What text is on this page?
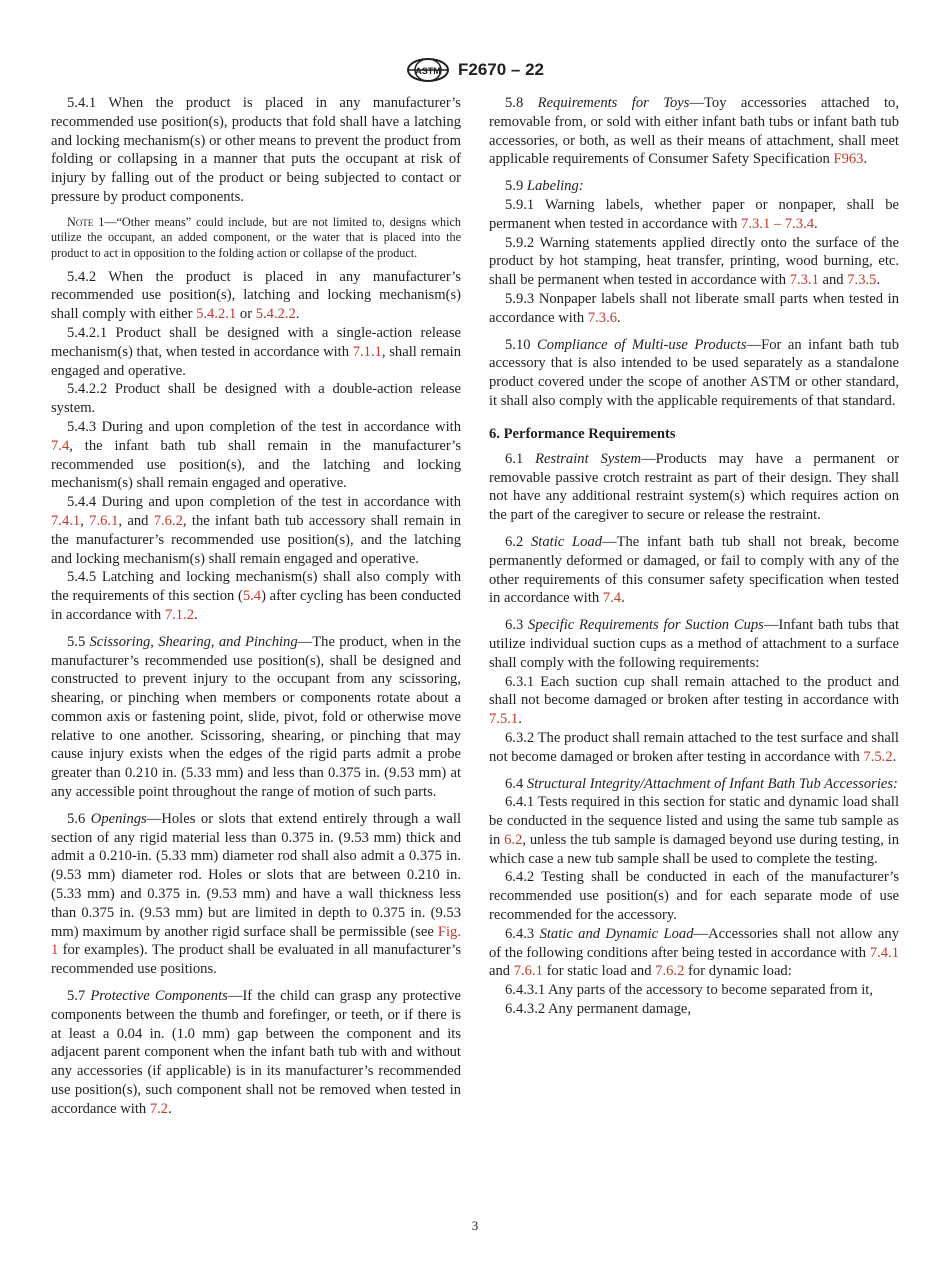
ASTM F2670 – 22

5.4.1 When the product is placed in any manufacturer’s recommended use position(s), products that fold shall have a latching and locking mechanism(s) or other means to prevent the product from folding or collapsing in a manner that puts the occupant at risk of injury by falling out of the product or being subjected to contact or pressure by product components.

Note 1—“Other means” could include, but are not limited to, designs which utilize the occupant, an added component, or the water that is placed into the product to act in opposition to the folding action or collapse of the product.

5.4.2 When the product is placed in any manufacturer’s recommended use position(s), latching and locking mechanism(s) shall comply with either 5.4.2.1 or 5.4.2.2.

5.4.2.1 Product shall be designed with a single-action release mechanism(s) that, when tested in accordance with 7.1.1, shall remain engaged and operative.

5.4.2.2 Product shall be designed with a double-action release system.

5.4.3 During and upon completion of the test in accordance with 7.4, the infant bath tub shall remain in the manufacturer’s recommended use position(s), and the latching and locking mechanism(s) shall remain engaged and operative.

5.4.4 During and upon completion of the test in accordance with 7.4.1, 7.6.1, and 7.6.2, the infant bath tub accessory shall remain in the manufacturer’s recommended use position(s), and the latching and locking mechanism(s) shall remain engaged and operative.

5.4.5 Latching and locking mechanism(s) shall also comply with the requirements of this section (5.4) after cycling has been conducted in accordance with 7.1.2.

5.5 Scissoring, Shearing, and Pinching—The product, when in the manufacturer’s recommended use position(s), shall be designed and constructed to prevent injury to the occupant from any scissoring, shearing, or pinching when members or components rotate about a common axis or fastening point, slide, pivot, fold or otherwise move relative to one another. Scissoring, shearing, or pinching that may cause injury exists when the edges of the rigid parts admit a probe greater than 0.210 in. (5.33 mm) and less than 0.375 in. (9.53 mm) at any accessible point throughout the range of motion of such parts.

5.6 Openings—Holes or slots that extend entirely through a wall section of any rigid material less than 0.375 in. (9.53 mm) thick and admit a 0.210-in. (5.33 mm) diameter rod shall also admit a 0.375 in. (9.53 mm) diameter rod. Holes or slots that are between 0.210 in. (5.33 mm) and 0.375 in. (9.53 mm) and have a wall thickness less than 0.375 in. (9.53 mm) but are limited in depth to 0.375 in. (9.53 mm) maximum by another rigid surface shall be permissible (see Fig. 1 for examples). The product shall be evaluated in all manufacturer’s recommended use positions.

5.7 Protective Components—If the child can grasp any protective components between the thumb and forefinger, or teeth, or if there is at least a 0.04 in. (1.0 mm) gap between the component and its adjacent parent component when the infant bath tub with and without any accessories (if applicable) is in its manufacturer’s recommended use position(s), such component shall not be removed when tested in accordance with 7.2.

5.8 Requirements for Toys—Toy accessories attached to, removable from, or sold with either infant bath tubs or infant bath tub accessories, or both, as well as their means of attachment, shall meet applicable requirements of Consumer Safety Specification F963.

5.9 Labeling:

5.9.1 Warning labels, whether paper or nonpaper, shall be permanent when tested in accordance with 7.3.1 – 7.3.4.

5.9.2 Warning statements applied directly onto the surface of the product by hot stamping, heat transfer, printing, wood burning, etc. shall be permanent when tested in accordance with 7.3.1 and 7.3.5.

5.9.3 Nonpaper labels shall not liberate small parts when tested in accordance with 7.3.6.

5.10 Compliance of Multi-use Products—For an infant bath tub accessory that is also intended to be used separately as a standalone product covered under the scope of another ASTM or other standard, it shall also comply with the applicable requirements of that standard.

6. Performance Requirements

6.1 Restraint System—Products may have a permanent or removable passive crotch restraint as part of their design. They shall not have any additional restraint system(s) which requires action on the part of the caregiver to secure or release the restraint.

6.2 Static Load—The infant bath tub shall not break, become permanently deformed or damaged, or fail to comply with any of the other requirements of this consumer safety specification when tested in accordance with 7.4.

6.3 Specific Requirements for Suction Cups—Infant bath tubs that utilize individual suction cups as a method of attachment to a surface shall comply with the following requirements:

6.3.1 Each suction cup shall remain attached to the product and shall not become damaged or broken after testing in accordance with 7.5.1.

6.3.2 The product shall remain attached to the test surface and shall not become damaged or broken after testing in accordance with 7.5.2.

6.4 Structural Integrity/Attachment of Infant Bath Tub Accessories:

6.4.1 Tests required in this section for static and dynamic load shall be conducted in the sequence listed and using the same tub sample as in 6.2, unless the tub sample is damaged beyond use during testing, in which case a new tub sample shall be used to complete the testing.

6.4.2 Testing shall be conducted in each of the manufacturer’s recommended use position(s) and for each separate mode of use recommended for the accessory.

6.4.3 Static and Dynamic Load—Accessories shall not allow any of the following conditions after being tested in accordance with 7.4.1 and 7.6.1 for static load and 7.6.2 for dynamic load:

6.4.3.1 Any parts of the accessory to become separated from it,

6.4.3.2 Any permanent damage,

3
